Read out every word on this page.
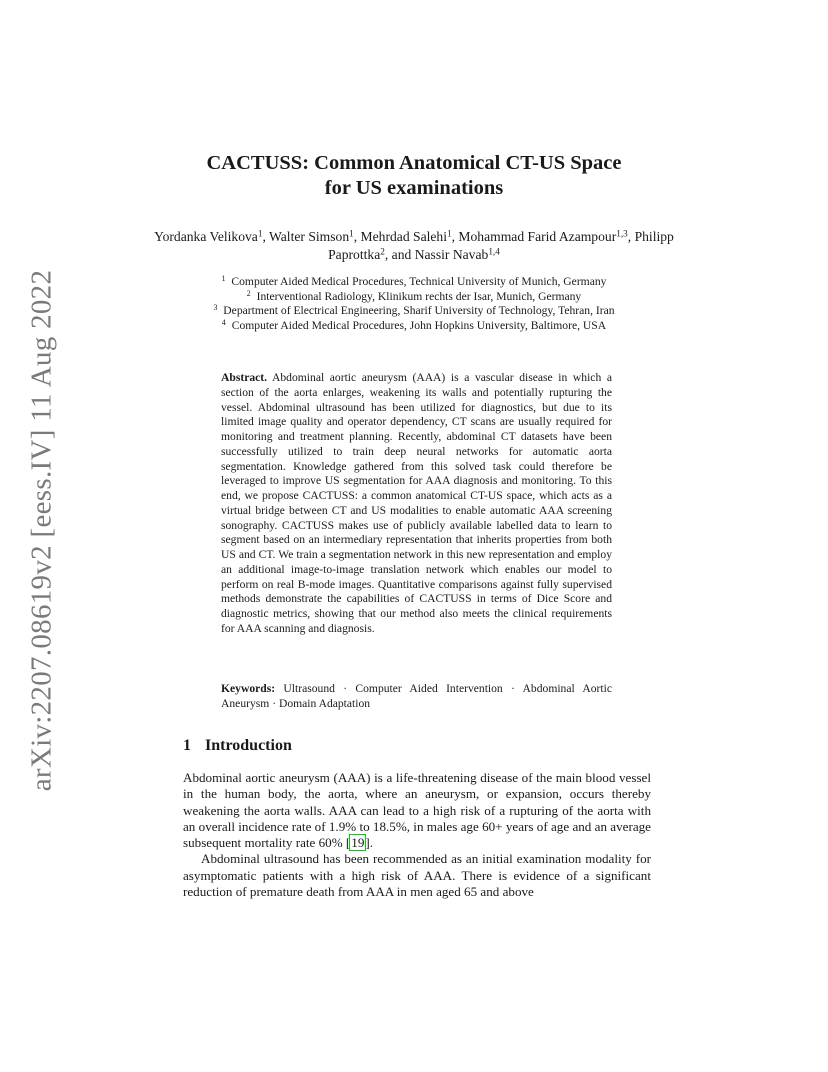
arXiv:2207.08619v2 [eess.IV] 11 Aug 2022
CACTUSS: Common Anatomical CT-US Space
for US examinations
Yordanka Velikova$^1$, Walter Simson$^1$, Mehrdad Salehi$^1$, Mohammad Farid Azampour$^{1,3}$, Philipp Paprottka$^2$, and Nassir Navab$^{1,4}$
$^1$ Computer Aided Medical Procedures, Technical University of Munich, Germany
$^2$ Interventional Radiology, Klinikum rechts der Isar, Munich, Germany
$^3$ Department of Electrical Engineering, Sharif University of Technology, Tehran, Iran
$^4$ Computer Aided Medical Procedures, John Hopkins University, Baltimore, USA
Abstract. Abdominal aortic aneurysm (AAA) is a vascular disease in which a section of the aorta enlarges, weakening its walls and potentially rupturing the vessel. Abdominal ultrasound has been utilized for diagnostics, but due to its limited image quality and operator dependency, CT scans are usually required for monitoring and treatment planning. Recently, abdominal CT datasets have been successfully utilized to train deep neural networks for automatic aorta segmentation. Knowledge gathered from this solved task could therefore be leveraged to improve US segmentation for AAA diagnosis and monitoring. To this end, we propose CACTUSS: a common anatomical CT-US space, which acts as a virtual bridge between CT and US modalities to enable automatic AAA screening sonography. CACTUSS makes use of publicly available labelled data to learn to segment based on an intermediary representation that inherits properties from both US and CT. We train a segmentation network in this new representation and employ an additional image-to-image translation network which enables our model to perform on real B-mode images. Quantitative comparisons against fully supervised methods demonstrate the capabilities of CACTUSS in terms of Dice Score and diagnostic metrics, showing that our method also meets the clinical requirements for AAA scanning and diagnosis.
Keywords: Ultrasound · Computer Aided Intervention · Abdominal Aortic Aneurysm · Domain Adaptation
1 Introduction

Abdominal aortic aneurysm (AAA) is a life-threatening disease of the main blood vessel in the human body, the aorta, where an aneurysm, or expansion, occurs thereby weakening the aorta walls. AAA can lead to a high risk of a rupturing of the aorta with an overall incidence rate of 1.9% to 18.5%, in males age 60+ years of age and an average subsequent mortality rate 60% [19].

Abdominal ultrasound has been recommended as an initial examination modality for asymptomatic patients with a high risk of AAA. There is evidence of a significant reduction of premature death from AAA in men aged 65 and above
